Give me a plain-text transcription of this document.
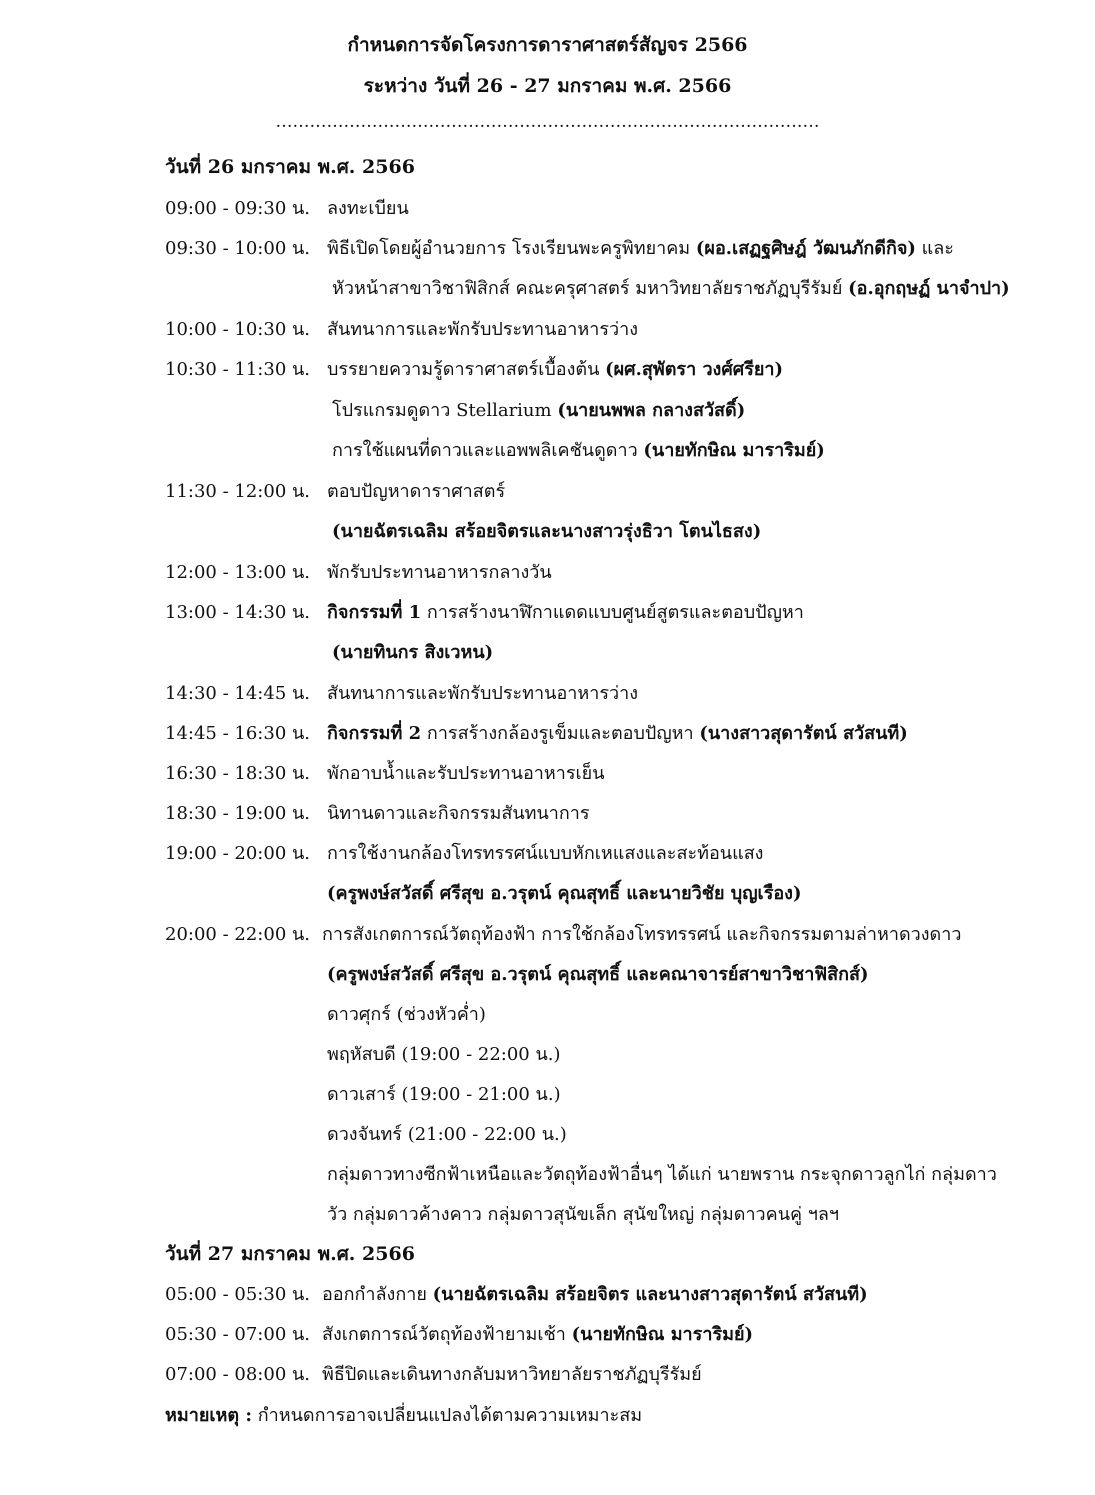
กำหนดการจัดโครงการดาราศาสตร์สัญจร 2566
ระหว่าง วันที่ 26 - 27 มกราคม พ.ศ. 2566
……………………………………………………………………………………
วันที่ 26 มกราคม พ.ศ. 2566
09:00 - 09:30 น. ลงทะเบียน
09:30 - 10:00 น. พิธีเปิดโดยผู้อำนวยการ โรงเรียนพะครูพิทยาคม (ผอ.เสฏฐศิษฎ์ วัฒนภักดีกิจ) และ
หัวหน้าสาขาวิชาฟิสิกส์ คณะครุศาสตร์ มหาวิทยาลัยราชภัฏบุรีรัมย์ (อ.อุกฤษฏ์ นาจำปา)
10:00 - 10:30 น. สันทนาการและพักรับประทานอาหารว่าง
10:30 - 11:30 น. บรรยายความรู้ดาราศาสตร์เบื้องต้น (ผศ.สุพัตรา วงศ์ศรียา)
โปรแกรมดูดาว Stellarium (นายนพพล กลางสวัสดิ์)
การใช้แผนที่ดาวและแอพพลิเคชันดูดาว (นายทักษิณ มาราริมย์)
11:30 - 12:00 น. ตอบปัญหาดาราศาสตร์
(นายฉัตรเฉลิม สร้อยจิตรและนางสาวรุ่งธิวา โตนไธสง)
12:00 - 13:00 น. พักรับประทานอาหารกลางวัน
13:00 - 14:30 น. กิจกรรมที่ 1 การสร้างนาฬิกาแดดแบบศูนย์สูตรและตอบปัญหา
(นายทินกร สิงเวหน)
14:30 - 14:45 น. สันทนาการและพักรับประทานอาหารว่าง
14:45 - 16:30 น. กิจกรรมที่ 2 การสร้างกล้องรูเข็มและตอบปัญหา (นางสาวสุดารัตน์ สวัสนที)
16:30 - 18:30 น. พักอาบน้ำและรับประทานอาหารเย็น
18:30 - 19:00 น. นิทานดาวและกิจกรรมสันทนาการ
19:00 - 20:00 น. การใช้งานกล้องโทรทรรศน์แบบหักเหแสงและสะท้อนแสง
(ครูพงษ์สวัสดิ์ ศรีสุข อ.วรุตน์ คุณสุทธิ์ และนายวิชัย บุญเรือง)
20:00 - 22:00 น. การสังเกตการณ์วัตถุท้องฟ้า การใช้กล้องโทรทรรศน์ และกิจกรรมตามล่าหาดวงดาว
(ครูพงษ์สวัสดิ์ ศรีสุข อ.วรุตน์ คุณสุทธิ์ และคณาจารย์สาขาวิชาฟิสิกส์)
ดาวศุกร์ (ช่วงหัวค่ำ)
พฤหัสบดี (19:00 - 22:00 น.)
ดาวเสาร์ (19:00 - 21:00 น.)
ดวงจันทร์ (21:00 - 22:00 น.)
กลุ่มดาวทางซีกฟ้าเหนือและวัตถุท้องฟ้าอื่นๆ ได้แก่ นายพราน กระจุกดาวลูกไก่ กลุ่มดาว
วัว กลุ่มดาวค้างคาว กลุ่มดาวสุนัขเล็ก สุนัขใหญ่ กลุ่มดาวคนคู่ ฯลฯ
วันที่ 27 มกราคม พ.ศ. 2566
05:00 - 05:30 น. ออกกำลังกาย (นายฉัตรเฉลิม สร้อยจิตร และนางสาวสุดารัตน์ สวัสนที)
05:30 - 07:00 น. สังเกตการณ์วัตถุท้องฟ้ายามเช้า (นายทักษิณ มาราริมย์)
07:00 - 08:00 น. พิธีปิดและเดินทางกลับมหาวิทยาลัยราชภัฏบุรีรัมย์
หมายเหตุ : กำหนดการอาจเปลี่ยนแปลงได้ตามความเหมาะสม
